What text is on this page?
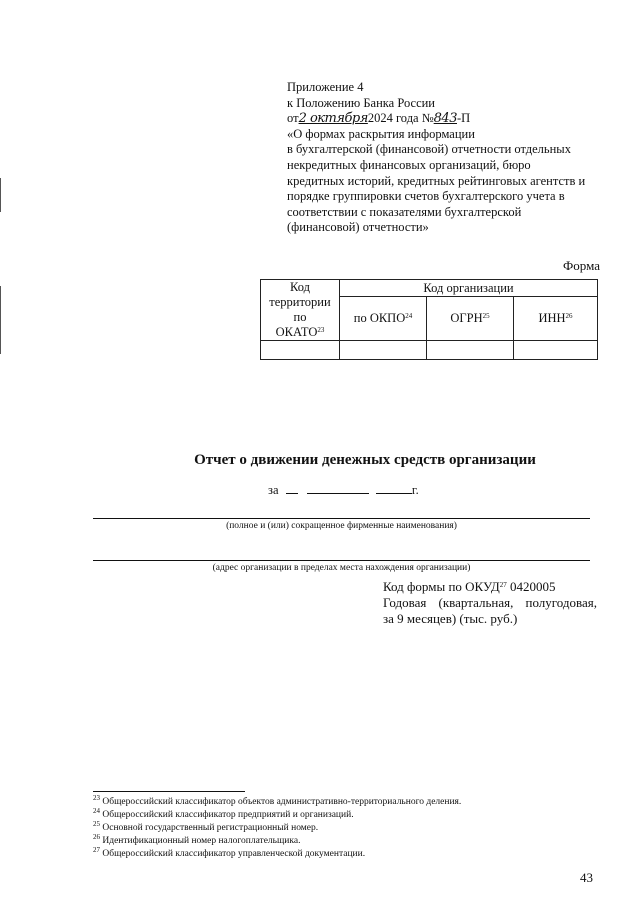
Приложение 4
к Положению Банка России
от2 октября2024 года №843-П
«О формах раскрытия информации
в бухгалтерской (финансовой) отчетности отдельных
некредитных финансовых организаций, бюро
кредитных историй, кредитных рейтинговых агентств и
порядке группировки счетов бухгалтерского учета в
соответствии с показателями бухгалтерской
(финансовой) отчетности»
Форма
Код
территории
по
ОКАТО$^{23}$	Код организации		
	по ОКПО$^{24}$	ОГРН$^{25}$	ИНН$^{26}$

Отчет о движении денежных средств организации
за	г.
(полное и (или) сокращенное фирменные наименования)
(адрес организации в пределах места нахождения организации)
Код формы по ОКУД$^{27}$ 0420005
Годовая (квартальная, полугодовая,
за 9 месяцев) (тыс. руб.)
$^{23}$ Общероссийский классификатор объектов административно-территориального деления.
$^{24}$ Общероссийский классификатор предприятий и организаций.
$^{25}$ Основной государственный регистрационный номер.
$^{26}$ Идентификационный номер налогоплательщика.
$^{27}$ Общероссийский классификатор управленческой документации.
43
